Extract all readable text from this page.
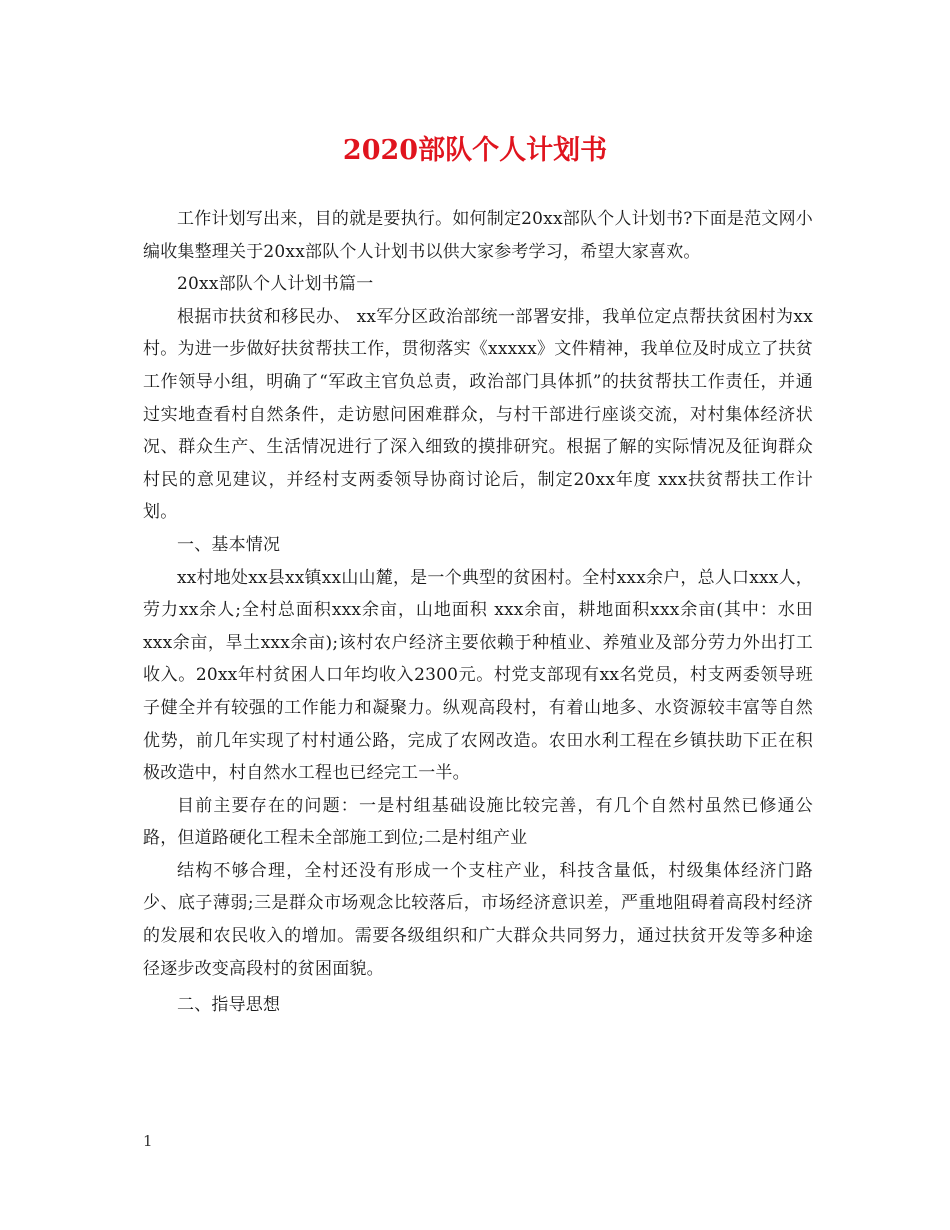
2020部队个人计划书

工作计划写出来，目的就是要执行。如何制定20xx部队个人计划书?下面是范文网小编收集整理关于20xx部队个人计划书以供大家参考学习，希望大家喜欢。

20xx部队个人计划书篇一

根据市扶贫和移民办、 xx军分区政治部统一部署安排，我单位定点帮扶贫困村为xx村。为进一步做好扶贫帮扶工作，贯彻落实《xxxxx》文件精神，我单位及时成立了扶贫工作领导小组，明确了“军政主官负总责，政治部门具体抓”的扶贫帮扶工作责任，并通过实地查看村自然条件，走访慰问困难群众，与村干部进行座谈交流，对村集体经济状况、群众生产、生活情况进行了深入细致的摸排研究。根据了解的实际情况及征询群众村民的意见建议，并经村支两委领导协商讨论后，制定20xx年度 xxx扶贫帮扶工作计划。

一、基本情况

xx村地处xx县xx镇xx山山麓，是一个典型的贫困村。全村xxx余户，总人口xxx人，劳力xx余人;全村总面积xxx余亩，山地面积 xxx余亩，耕地面积xxx余亩(其中：水田xxx余亩，旱土xxx余亩);该村农户经济主要依赖于种植业、养殖业及部分劳力外出打工收入。20xx年村贫困人口年均收入2300元。村党支部现有xx名党员，村支两委领导班子健全并有较强的工作能力和凝聚力。纵观高段村，有着山地多、水资源较丰富等自然优势，前几年实现了村村通公路，完成了农网改造。农田水利工程在乡镇扶助下正在积极改造中，村自然水工程也已经完工一半。

目前主要存在的问题：一是村组基础设施比较完善，有几个自然村虽然已修通公路，但道路硬化工程未全部施工到位;二是村组产业

结构不够合理，全村还没有形成一个支柱产业，科技含量低，村级集体经济门路少、底子薄弱;三是群众市场观念比较落后，市场经济意识差，严重地阻碍着高段村经济的发展和农民收入的增加。需要各级组织和广大群众共同努力，通过扶贫开发等多种途径逐步改变高段村的贫困面貌。

二、指导思想

1
